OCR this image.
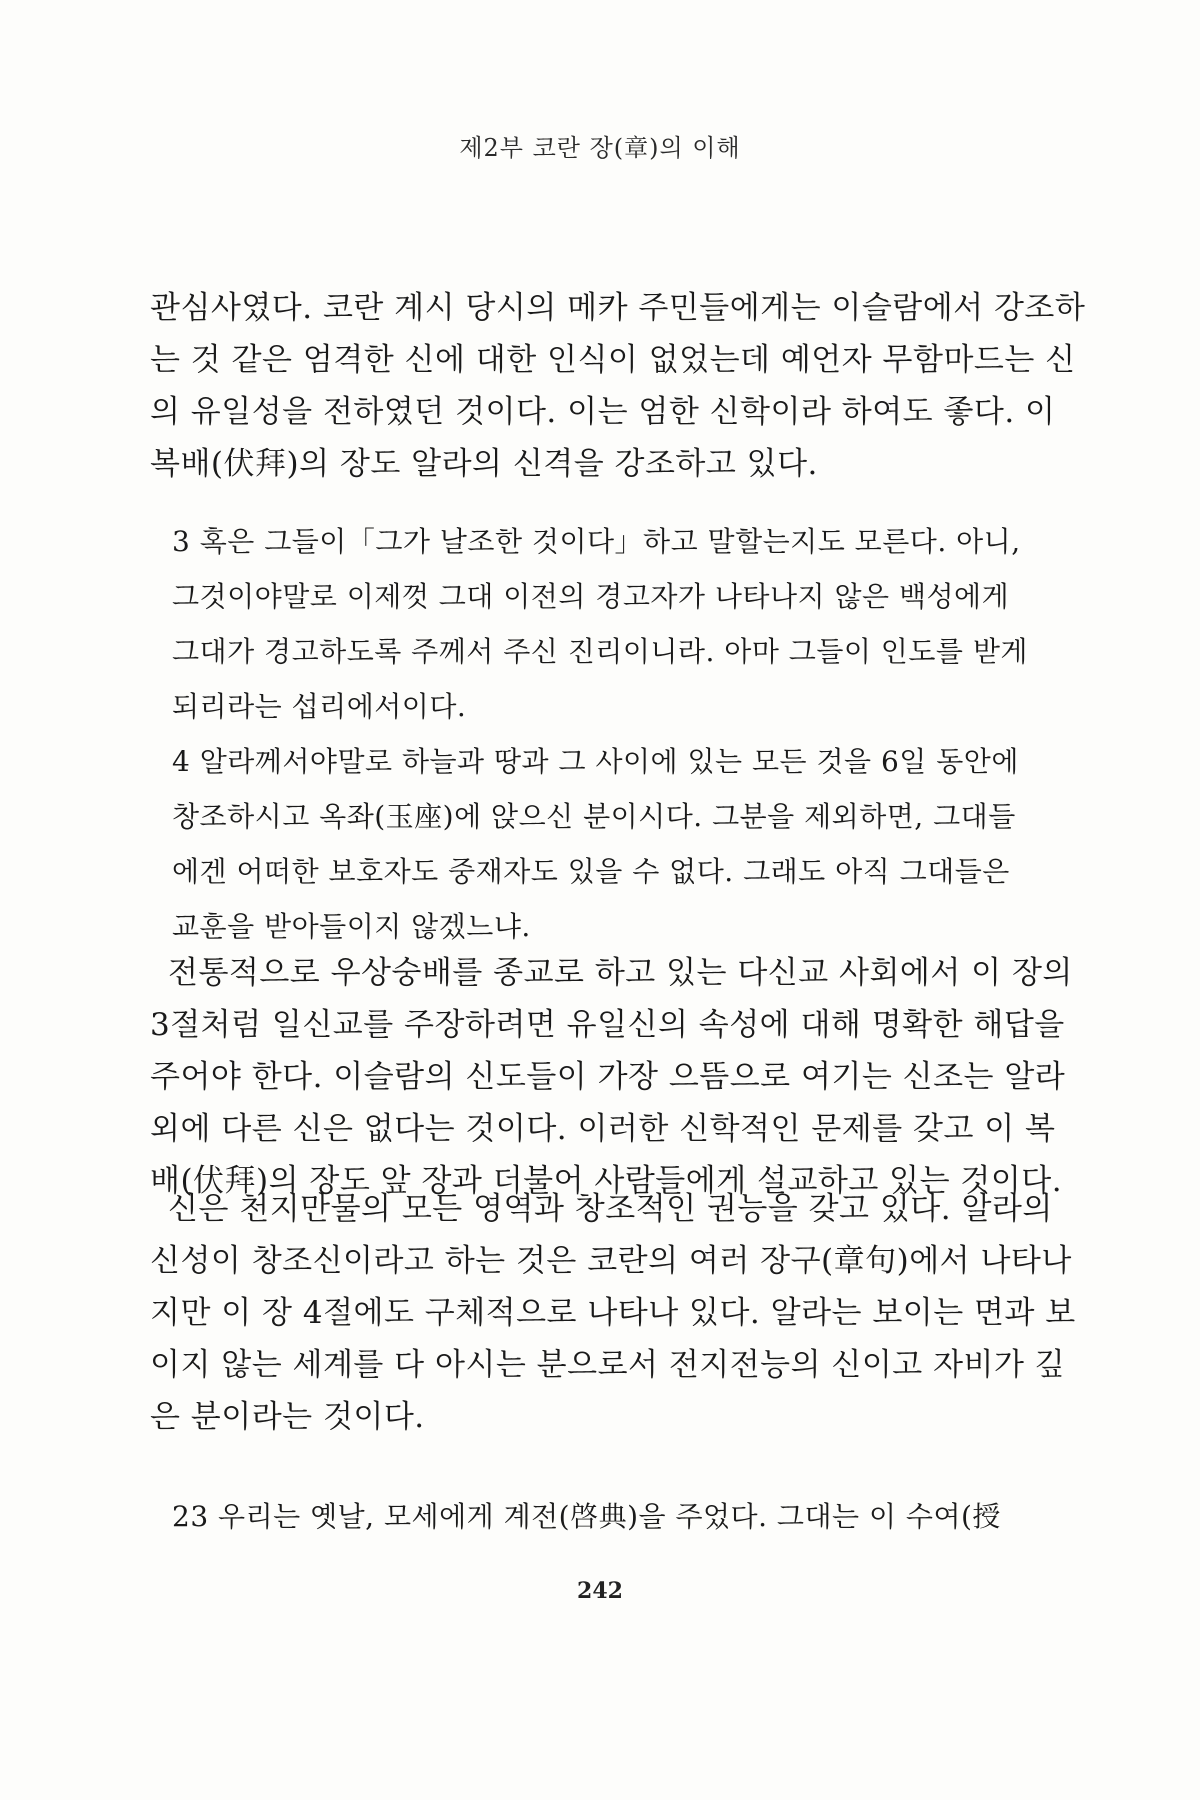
제2부 코란 장(章)의 이해
관심사였다. 코란 계시 당시의 메카 주민들에게는 이슬람에서 강조하
는 것 같은 엄격한 신에 대한 인식이 없었는데 예언자 무함마드는 신
의 유일성을 전하였던 것이다. 이는 엄한 신학이라 하여도 좋다. 이
복배(伏拜)의 장도 알라의 신격을 강조하고 있다.
3 혹은 그들이「그가 날조한 것이다」하고 말할는지도 모른다. 아니,
그것이야말로 이제껏 그대 이전의 경고자가 나타나지 않은 백성에게
그대가 경고하도록 주께서 주신 진리이니라. 아마 그들이 인도를 받게
되리라는 섭리에서이다.
4 알라께서야말로 하늘과 땅과 그 사이에 있는 모든 것을 6일 동안에
창조하시고 옥좌(玉座)에 앉으신 분이시다. 그분을 제외하면, 그대들
에겐 어떠한 보호자도 중재자도 있을 수 없다. 그래도 아직 그대들은
교훈을 받아들이지 않겠느냐.
전통적으로 우상숭배를 종교로 하고 있는 다신교 사회에서 이 장의
3절처럼 일신교를 주장하려면 유일신의 속성에 대해 명확한 해답을
주어야 한다. 이슬람의 신도들이 가장 으뜸으로 여기는 신조는 알라
외에 다른 신은 없다는 것이다. 이러한 신학적인 문제를 갖고 이 복
배(伏拜)의 장도 앞 장과 더불어 사람들에게 설교하고 있는 것이다.
신은 천지만물의 모든 영역과 창조적인 권능을 갖고 있다. 알라의
신성이 창조신이라고 하는 것은 코란의 여러 장구(章句)에서 나타나
지만 이 장 4절에도 구체적으로 나타나 있다. 알라는 보이는 면과 보
이지 않는 세계를 다 아시는 분으로서 전지전능의 신이고 자비가 깊
은 분이라는 것이다.
23 우리는 옛날, 모세에게 계전(啓典)을 주었다. 그대는 이 수여(授
242
